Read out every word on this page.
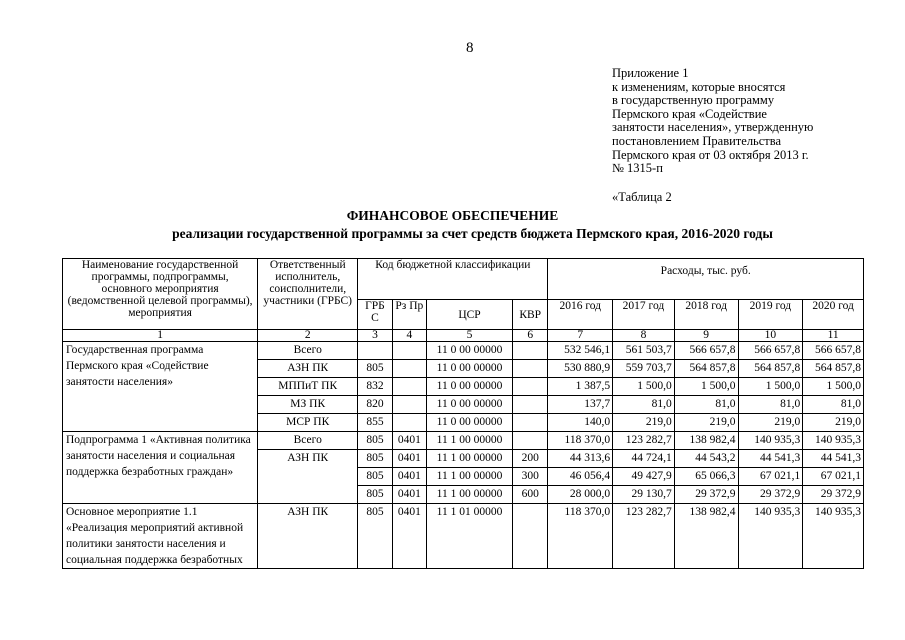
8
Приложение 1
к изменениям, которые вносятся
в государственную программу
Пермского края «Содействие
занятости населения», утвержденную
постановлением Правительства
Пермского края от 03 октября 2013 г.
№ 1315-п
«Таблица 2
ФИНАНСОВОЕ ОБЕСПЕЧЕНИЕ
реализации государственной программы за счет средств бюджета Пермского края, 2016-2020 годы
Наименование государственной программы, подпрограммы, основного мероприятия (ведомственной целевой программы), мероприятия	Ответственный исполнитель, соисполнители, участники (ГРБС)	Код бюджетной классификации				Расходы, тыс. руб.				
		ГРБ С	Рз Пр	ЦСР	КВР	2016 год	2017 год	2018 год	2019 год	2020 год
1	2	3	4	5	6	7	8	9	10	11
Государственная программа Пермского края «Содействие занятости населения»	Всего			11 0 00 00000		532 546,1	561 503,7	566 657,8	566 657,8	566 657,8
	АЗН ПК	805		11 0 00 00000		530 880,9	559 703,7	564 857,8	564 857,8	564 857,8
	МППиТ ПК	832		11 0 00 00000		1 387,5	1 500,0	1 500,0	1 500,0	1 500,0
	МЗ ПК	820		11 0 00 00000		137,7	81,0	81,0	81,0	81,0
	МСР ПК	855		11 0 00 00000		140,0	219,0	219,0	219,0	219,0
Подпрограмма 1 «Активная политика занятости населения и социальная поддержка безработных граждан»	Всего	805	0401	11 1 00 00000		118 370,0	123 282,7	138 982,4	140 935,3	140 935,3
	АЗН ПК	805	0401	11 1 00 00000	200	44 313,6	44 724,1	44 543,2	44 541,3	44 541,3
		805	0401	11 1 00 00000	300	46 056,4	49 427,9	65 066,3	67 021,1	67 021,1
		805	0401	11 1 00 00000	600	28 000,0	29 130,7	29 372,9	29 372,9	29 372,9
Основное мероприятие 1.1 «Реализация мероприятий активной политики занятости населения и социальная поддержка безработных	АЗН ПК	805	0401	11 1 01 00000		118 370,0	123 282,7	138 982,4	140 935,3	140 935,3
